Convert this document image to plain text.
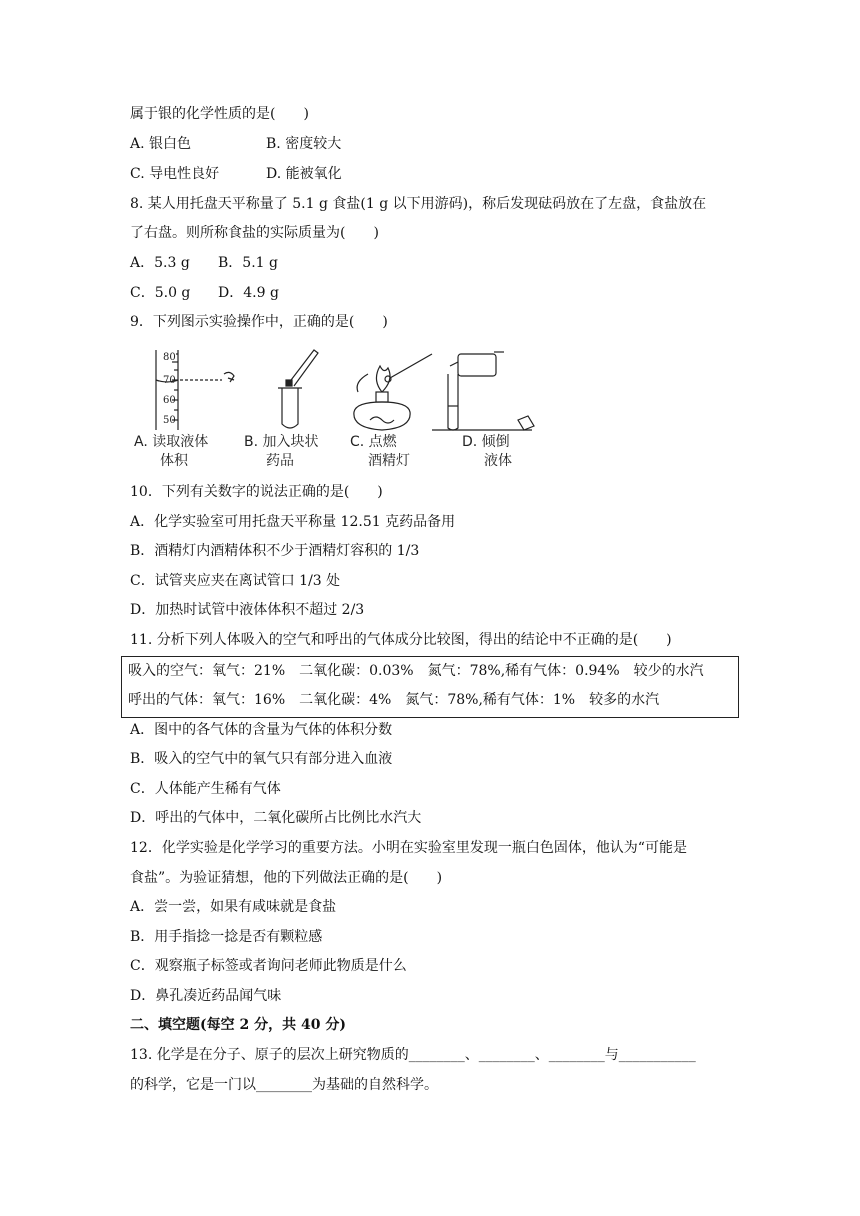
属于银的化学性质的是(　　)
A. 银白色	B. 密度较大
C. 导电性良好	D. 能被氧化
8. 某人用托盘天平称量了 5.1 g 食盐(1 g 以下用游码)，称后发现砝码放在了左盘，食盐放在
了右盘。则所称食盐的实际质量为(　　)
A．5.3 g B．5.1 g
C．5.0 g D．4.9 g
9．下列图示实验操作中，正确的是(　　)
80
70
60
50
A. 读取液体
体积
B. 加入块状
药品
C. 点燃
酒精灯
D. 倾倒
液体
10．下列有关数字的说法正确的是(　　)
A．化学实验室可用托盘天平称量 12.51 克药品备用
B．酒精灯内酒精体积不少于酒精灯容积的 1/3
C．试管夹应夹在离试管口 1/3 处
D．加热时试管中液体体积不超过 2/3
11. 分析下列人体吸入的空气和呼出的气体成分比较图，得出的结论中不正确的是(　　)
吸入的空气：氧气：21%　二氧化碳：0.03%　氮气：78%,稀有气体：0.94%　较少的水汽
呼出的气体：氧气：16%　二氧化碳：4%　氮气：78%,稀有气体：1%　较多的水汽
A．图中的各气体的含量为气体的体积分数
B．吸入的空气中的氧气只有部分进入血液
C．人体能产生稀有气体
D．呼出的气体中，二氧化碳所占比例比水汽大
12．化学实验是化学学习的重要方法。小明在实验室里发现一瓶白色固体，他认为“可能是
食盐”。为验证猜想，他的下列做法正确的是(　　)
A．尝一尝，如果有咸味就是食盐
B．用手指捻一捻是否有颗粒感
C．观察瓶子标签或者询问老师此物质是什么
D．鼻孔凑近药品闻气味
二、填空题(每空 2 分，共 40 分)
13. 化学是在分子、原子的层次上研究物质的________、________、________与___________
的科学，它是一门以________为基础的自然科学。
